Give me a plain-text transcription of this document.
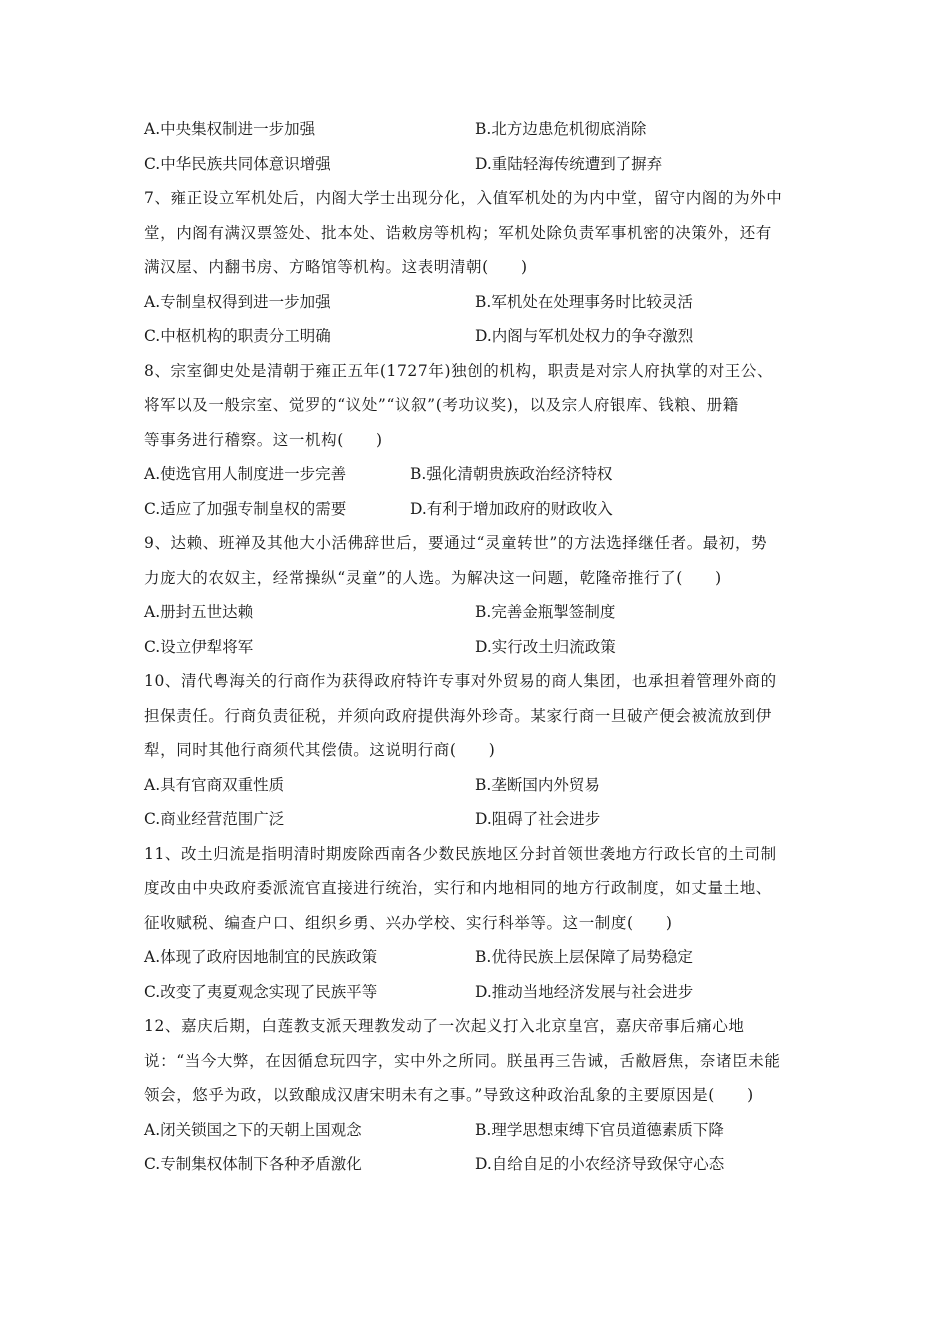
A.中央集权制进一步加强	B.北方边患危机彻底消除
C.中华民族共同体意识增强	D.重陆轻海传统遭到了摒弃
7、雍正设立军机处后，内阁大学士出现分化，入值军机处的为内中堂，留守内阁的为外中
堂，内阁有满汉票签处、批本处、诰敕房等机构；军机处除负责军事机密的决策外，还有
满汉屋、内翻书房、方略馆等机构。这表明清朝(　　)
A.专制皇权得到进一步加强	B.军机处在处理事务时比较灵活
C.中枢机构的职责分工明确	D.内阁与军机处权力的争夺激烈
8、宗室御史处是清朝于雍正五年(1727年)独创的机构，职责是对宗人府执掌的对王公、
将军以及一般宗室、觉罗的“议处”“议叙”(考功议奖)，以及宗人府银库、钱粮、册籍
等事务进行稽察。这一机构(　　)
A.使选官用人制度进一步完善	B.强化清朝贵族政治经济特权
C.适应了加强专制皇权的需要	D.有利于增加政府的财政收入
9、达赖、班禅及其他大小活佛辞世后，要通过“灵童转世”的方法选择继任者。最初，势
力庞大的农奴主，经常操纵“灵童”的人选。为解决这一问题，乾隆帝推行了(　　)
A.册封五世达赖	B.完善金瓶掣签制度
C.设立伊犁将军	D.实行改土归流政策
10、清代粤海关的行商作为获得政府特许专事对外贸易的商人集团，也承担着管理外商的
担保责任。行商负责征税，并须向政府提供海外珍奇。某家行商一旦破产便会被流放到伊
犁，同时其他行商须代其偿债。这说明行商(　　)
A.具有官商双重性质	B.垄断国内外贸易
C.商业经营范围广泛	D.阻碍了社会进步
11、改土归流是指明清时期废除西南各少数民族地区分封首领世袭地方行政长官的土司制
度改由中央政府委派流官直接进行统治，实行和内地相同的地方行政制度，如丈量土地、
征收赋税、编查户口、组织乡勇、兴办学校、实行科举等。这一制度(　　)
A.体现了政府因地制宜的民族政策	B.优待民族上层保障了局势稳定
C.改变了夷夏观念实现了民族平等	D.推动当地经济发展与社会进步
12、嘉庆后期，白莲教支派天理教发动了一次起义打入北京皇宫，嘉庆帝事后痛心地
说：“当今大弊，在因循怠玩四字，实中外之所同。朕虽再三告诫，舌敝唇焦，奈诸臣未能
领会，悠乎为政，以致酿成汉唐宋明未有之事。”导致这种政治乱象的主要原因是(　　)
A.闭关锁国之下的天朝上国观念	B.理学思想束缚下官员道德素质下降
C.专制集权体制下各种矛盾激化	D.自给自足的小农经济导致保守心态
